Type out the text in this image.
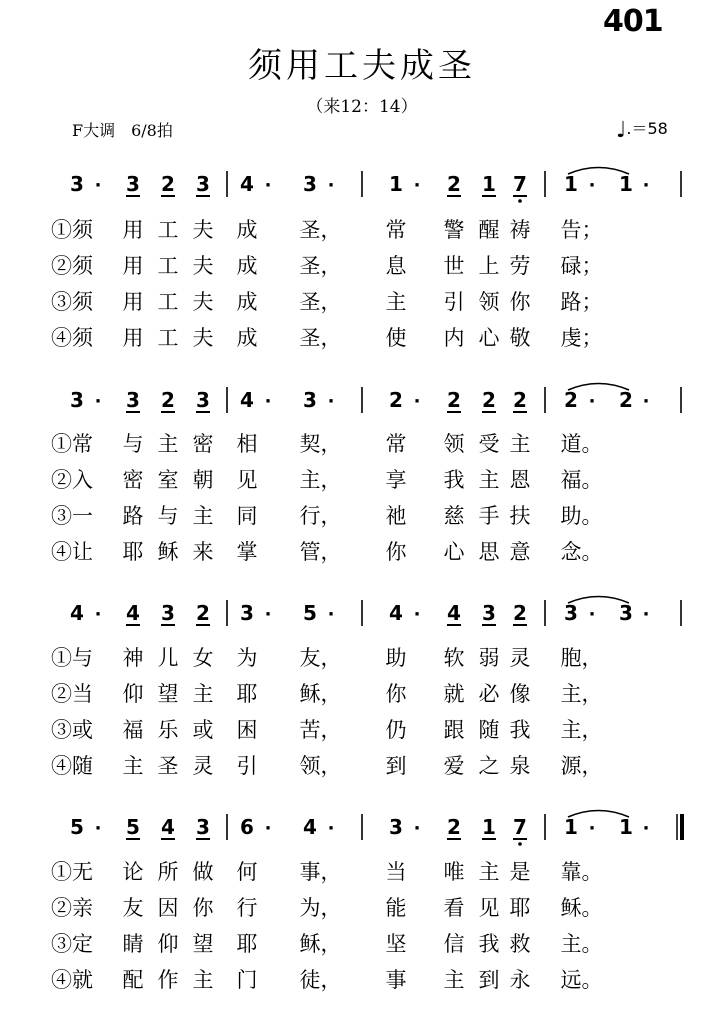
401
须用工夫成圣
（来12：14）
F大调　6/8拍	♩.＝58
3 · 3 2 3 4 · 3 ·	1 · 2 1 7 1 · 1 ·
①须 用 工 夫 成 圣， 常 警 醒 祷 告；
②须 用 工 夫 成 圣， 息 世 上 劳 碌；
③须 用 工 夫 成 圣， 主 引 领 你 路；
④须 用 工 夫 成 圣， 使 内 心 敬 虔；
3 · 3 2 3 4 · 3 ·	2 · 2 2 2 2 · 2 ·
①常 与 主 密 相 契， 常 领 受 主 道。
②入 密 室 朝 见 主， 享 我 主 恩 福。
③一 路 与 主 同 行， 祂 慈 手 扶 助。
④让 耶 稣 来 掌 管， 你 心 思 意 念。
4 · 4 3 2 3 · 5 ·	4 · 4 3 2 3 · 3 ·
①与 神 儿 女 为 友， 助 软 弱 灵 胞，
②当 仰 望 主 耶 稣， 你 就 必 像 主，
③或 福 乐 或 困 苦， 仍 跟 随 我 主，
④随 主 圣 灵 引 领， 到 爱 之 泉 源，
5 · 5 4 3 6 · 4 ·	3 · 2 1 7 1 · 1 ·
①无 论 所 做 何 事， 当 唯 主 是 靠。
②亲 友 因 你 行 为， 能 看 见 耶 稣。
③定 睛 仰 望 耶 稣， 坚 信 我 救 主。
④就 配 作 主 门 徒， 事 主 到 永 远。
